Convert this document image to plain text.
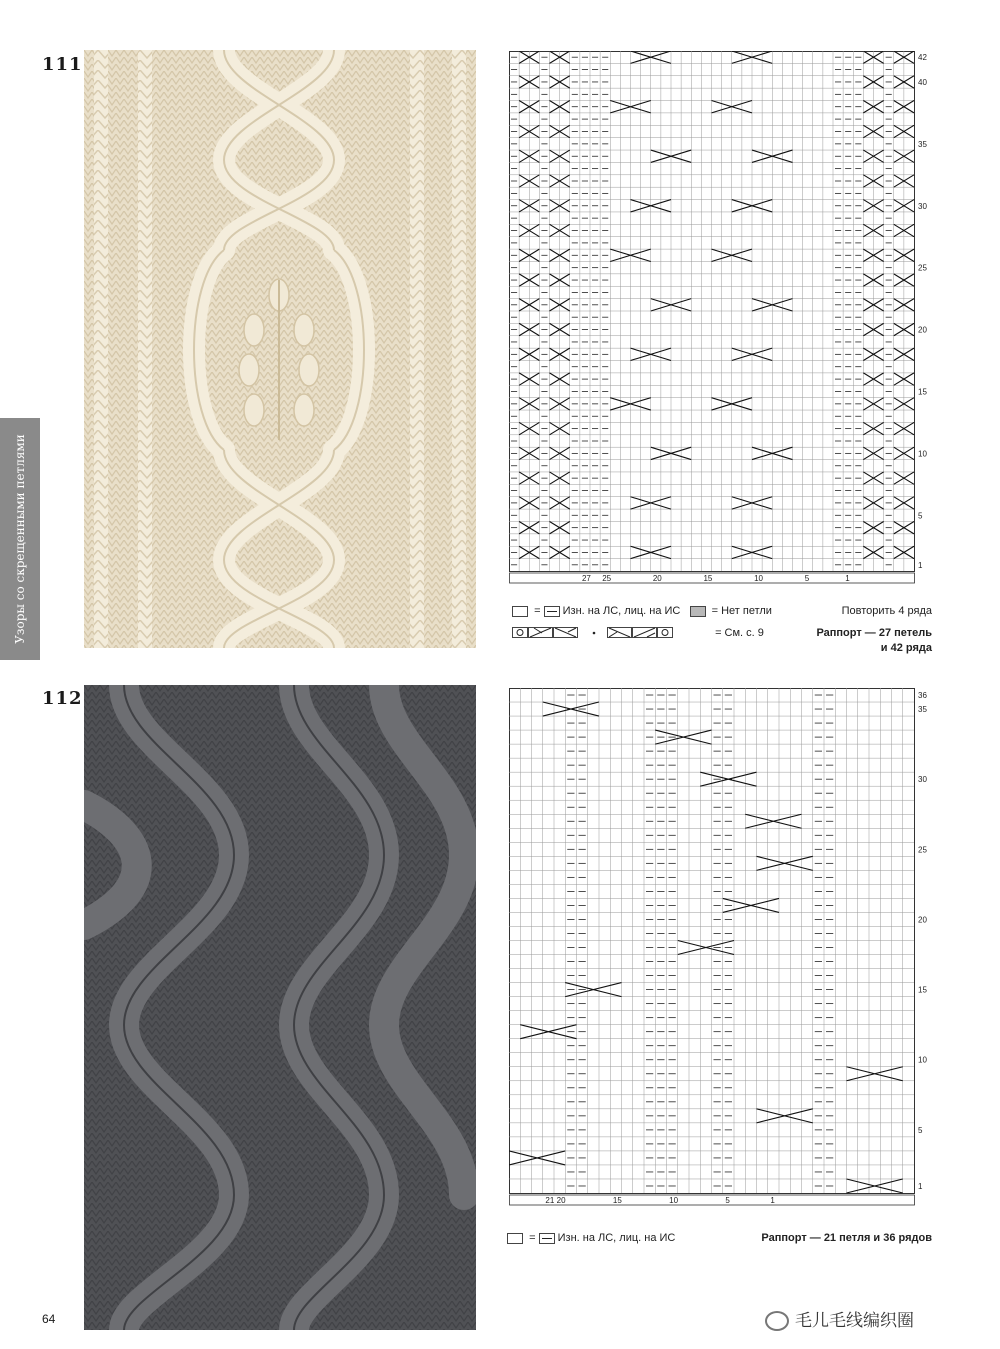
111
Узоры со скрещенными петлями	1
5
10
15
20
25
30
35
40
42
27 25	20	15	10	5	1
= Изн. на ЛС, лиц. на ИС	= Нет петли
= См. с. 9
Повторить 4 ряда
Раппорт — 27 петель
и 42 ряда
112
1
5
10
15
20
25
30
35
36
21 20	15	10	5	1
= Изн. на ЛС, лиц. на ИС	Раппорт — 21 петля и 36 рядов
64	毛儿毛线编织圈
